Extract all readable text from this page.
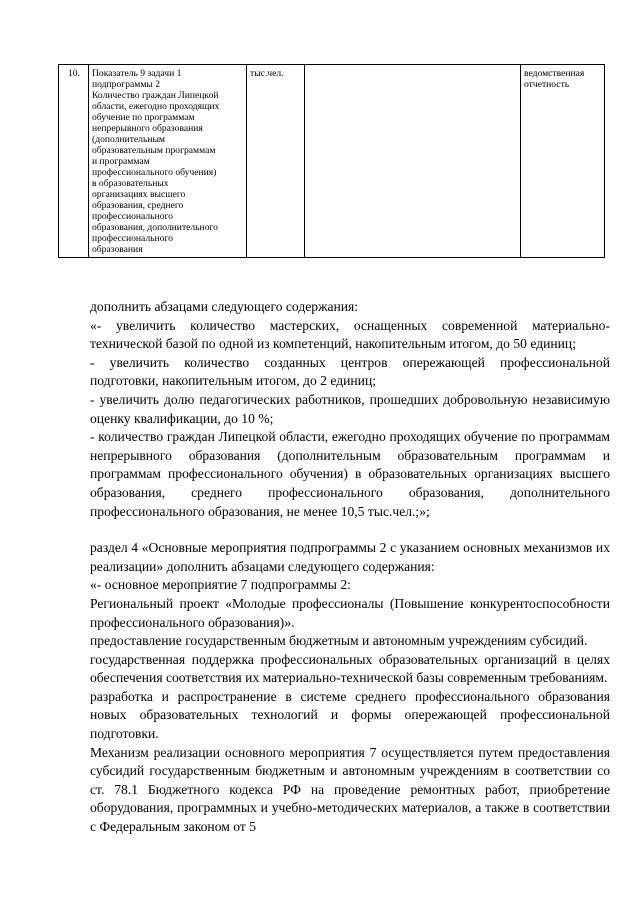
10.	Показатель 9 задачи 1
подпрограммы 2
Количество граждан Липецкой
области, ежегодно проходящих
обучение по программам
непрерывного образования
(дополнительным
образовательным программам
и программам
профессионального обучения)
в образовательных
организациях высшего
образования, среднего
профессионального
образования, дополнительного
профессионального
образования
	тыс.чел.		ведомственная
отчетность

дополнить абзацами следующего содержания:

«- увеличить количество мастерских, оснащенных современной материально-технической базой по одной из компетенций, накопительным итогом, до 50 единиц;

- увеличить количество созданных центров опережающей профессиональной подготовки, накопительным итогом, до 2 единиц;

- увеличить долю педагогических работников, прошедших добровольную независимую оценку квалификации, до 10 %;

- количество граждан Липецкой области, ежегодно проходящих обучение по программам непрерывного образования (дополнительным образовательным программам и программам профессионального обучения) в образовательных организациях высшего образования, среднего профессионального образования, дополнительного профессионального образования, не менее 10,5 тыс.чел.;»;

раздел 4 «Основные мероприятия подпрограммы 2 с указанием основных механизмов их реализации» дополнить абзацами следующего содержания:

«- основное мероприятие 7 подпрограммы 2:

Региональный проект «Молодые профессионалы (Повышение конкурентоспособности профессионального образования)».

предоставление государственным бюджетным и автономным учреждениям субсидий.

государственная поддержка профессиональных образовательных организаций в целях обеспечения соответствия их материально-технической базы современным требованиям.

разработка и распространение в системе среднего профессионального образования новых образовательных технологий и формы опережающей профессиональной подготовки.

Механизм реализации основного мероприятия 7 осуществляется путем предоставления субсидий государственным бюджетным и автономным учреждениям в соответствии со ст. 78.1 Бюджетного кодекса РФ на проведение ремонтных работ, приобретение оборудования, программных и учебно-методических материалов, а также в соответствии с Федеральным законом от 5
